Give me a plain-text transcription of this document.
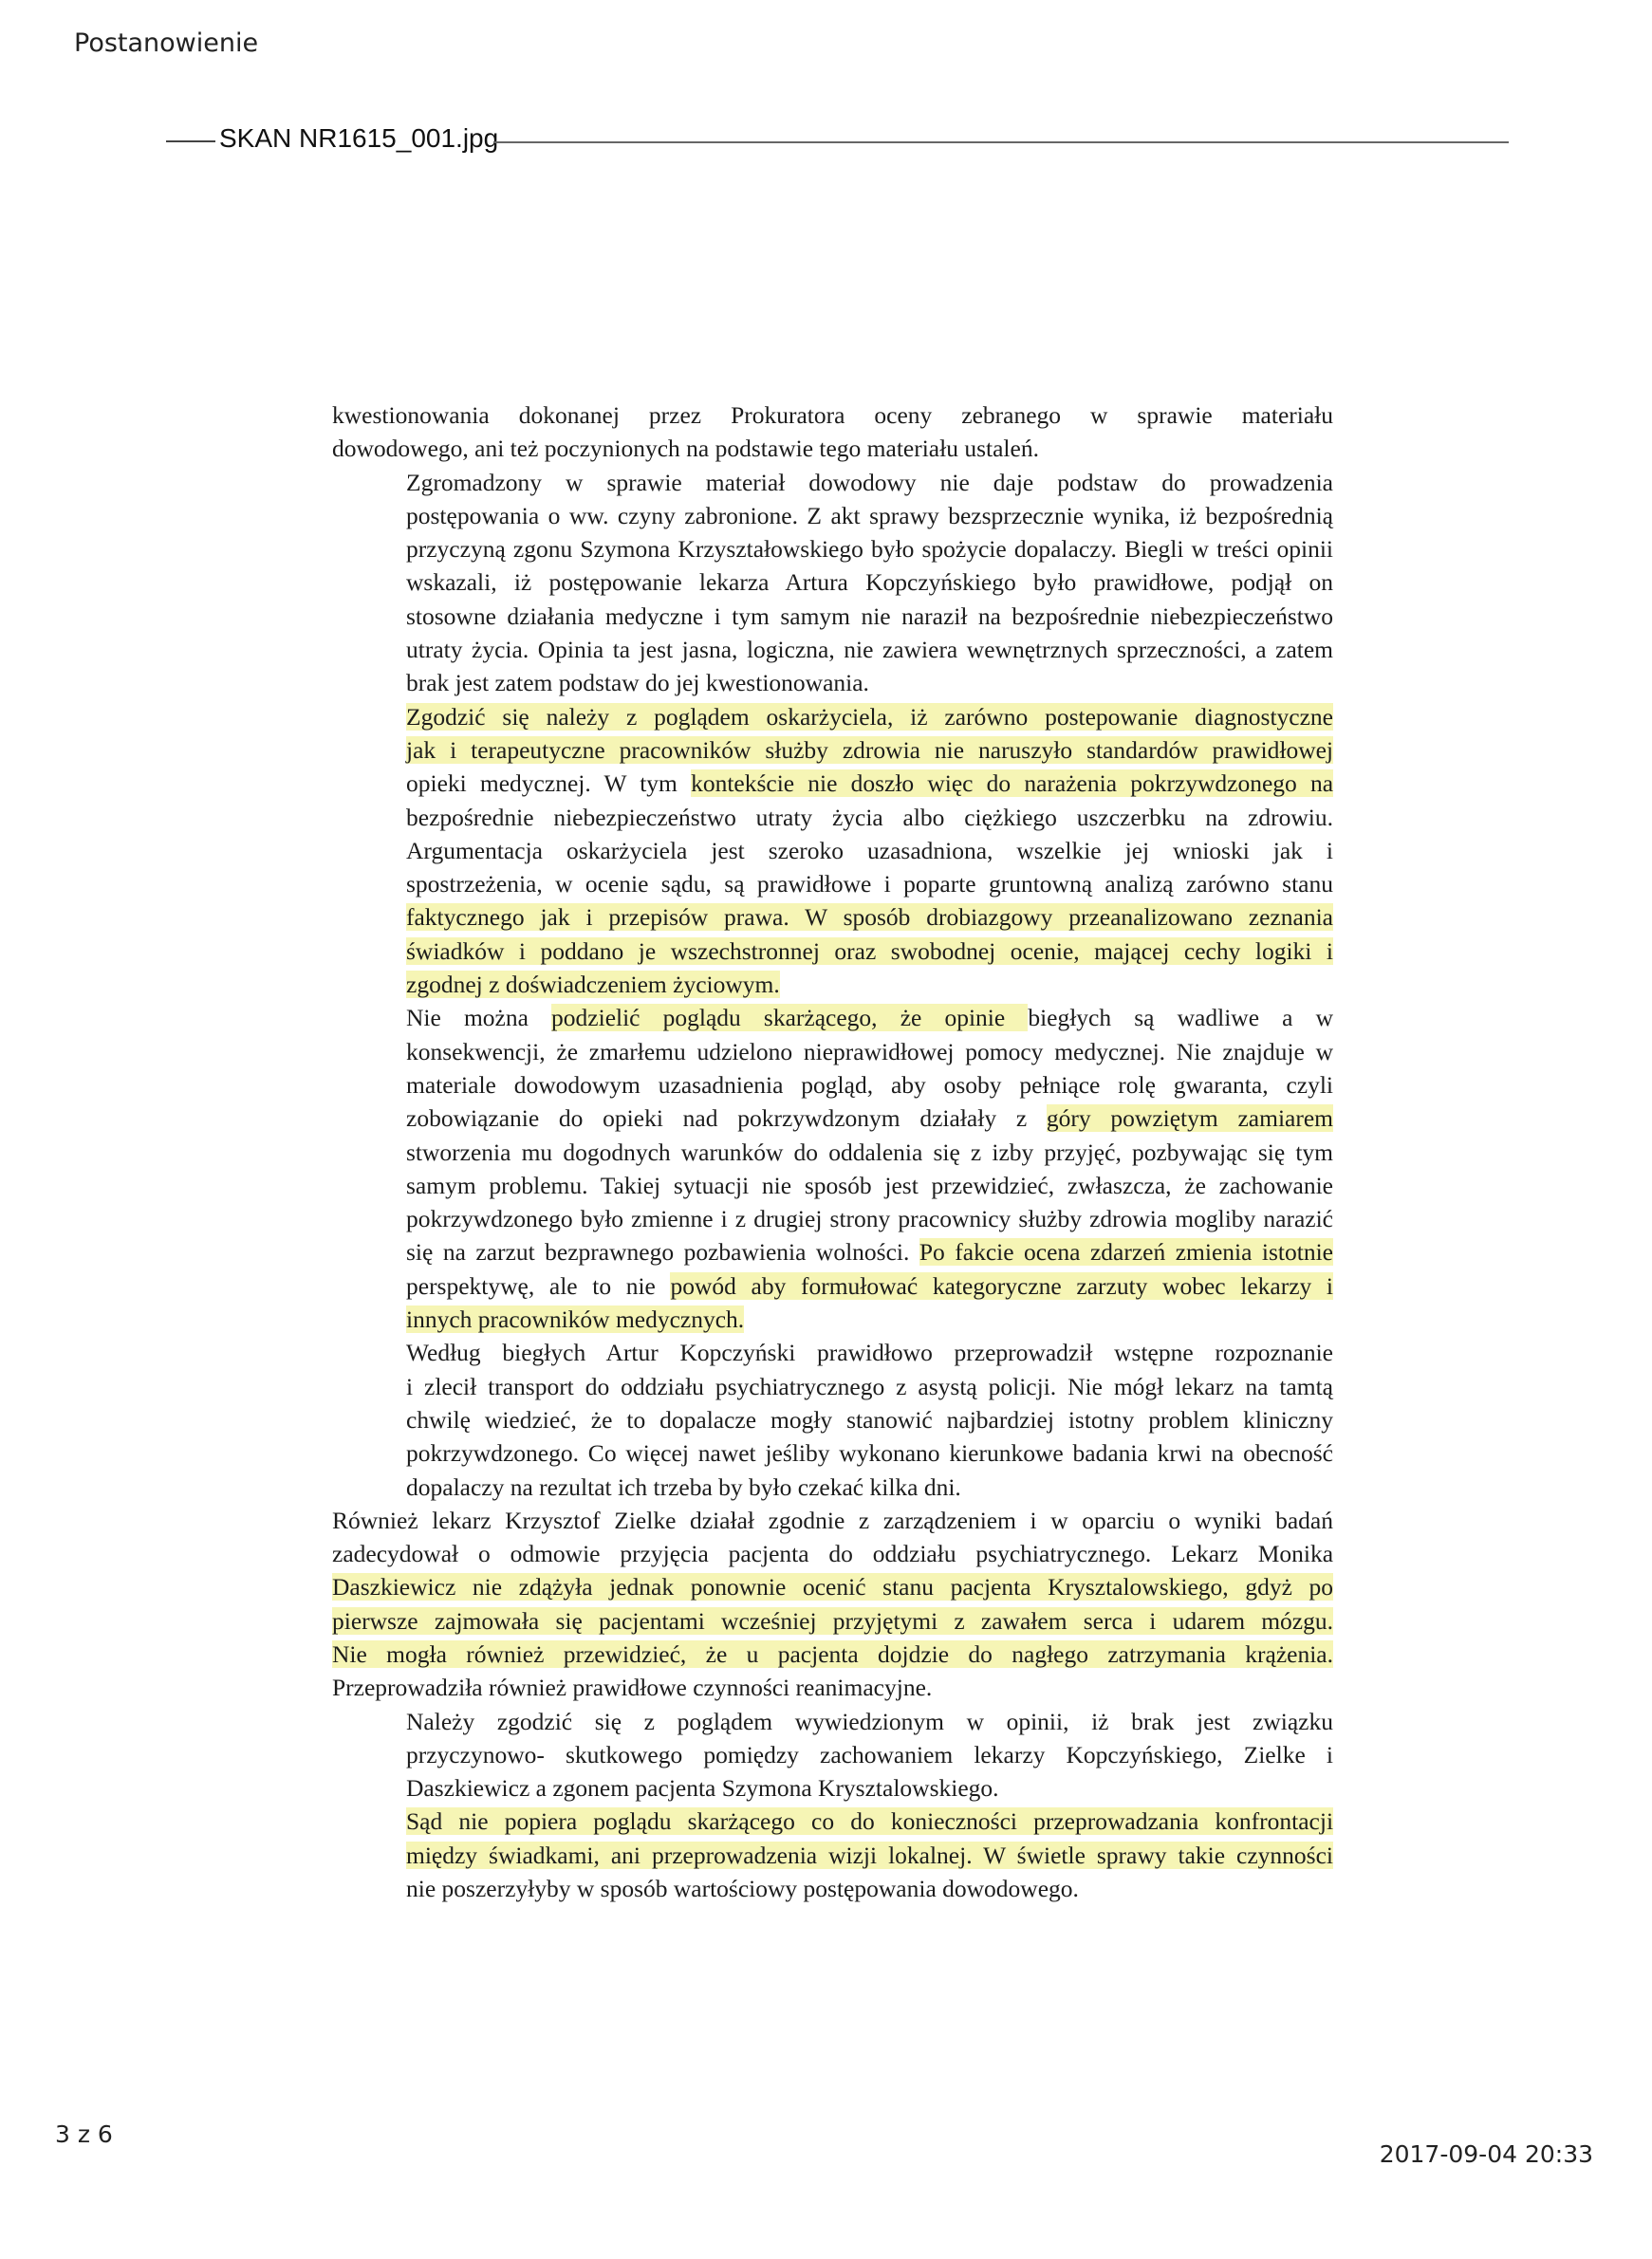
Postanowienie
SKAN NR1615_001.jpg

kwestionowania dokonanej przez Prokuratora oceny zebranego w sprawie materiału
dowodowego, ani też poczynionych na podstawie tego materiału ustaleń.

Zgromadzony w sprawie materiał dowodowy nie daje podstaw do prowadzenia
postępowania o ww. czyny zabronione. Z akt sprawy bezsprzecznie wynika, iż bezpośrednią
przyczyną zgonu Szymona Krzyształowskiego było spożycie dopalaczy. Biegli w treści opinii
wskazali, iż postępowanie lekarza Artura Kopczyńskiego było prawidłowe, podjął on
stosowne działania medyczne i tym samym nie naraził na bezpośrednie niebezpieczeństwo
utraty życia. Opinia ta jest jasna, logiczna, nie zawiera wewnętrznych sprzeczności, a zatem
brak jest zatem podstaw do jej kwestionowania.

Zgodzić się należy z poglądem oskarżyciela, iż zarówno postepowanie diagnostyczne
jak i terapeutyczne pracowników służby zdrowia nie naruszyło standardów prawidłowej
opieki medycznej. W tym kontekście nie doszło więc do narażenia pokrzywdzonego na
bezpośrednie niebezpieczeństwo utraty życia albo ciężkiego uszczerbku na zdrowiu.
Argumentacja oskarżyciela jest szeroko uzasadniona, wszelkie jej wnioski jak i
spostrzeżenia, w ocenie sądu, są prawidłowe i poparte gruntowną analizą zarówno stanu
faktycznego jak i przepisów prawa. W sposób drobiazgowy przeanalizowano zeznania
świadków i poddano je wszechstronnej oraz swobodnej ocenie, mającej cechy logiki i
zgodnej z doświadczeniem życiowym.

Nie można podzielić poglądu skarżącego, że opinie biegłych są wadliwe a w
konsekwencji, że zmarłemu udzielono nieprawidłowej pomocy medycznej. Nie znajduje w
materiale dowodowym uzasadnienia pogląd, aby osoby pełniące rolę gwaranta, czyli
zobowiązanie do opieki nad pokrzywdzonym działały z góry powziętym zamiarem
stworzenia mu dogodnych warunków do oddalenia się z izby przyjęć, pozbywając się tym
samym problemu. Takiej sytuacji nie sposób jest przewidzieć, zwłaszcza, że zachowanie
pokrzywdzonego było zmienne i z drugiej strony pracownicy służby zdrowia mogliby narazić
się na zarzut bezprawnego pozbawienia wolności. Po fakcie ocena zdarzeń zmienia istotnie
perspektywę, ale to nie powód aby formułować kategoryczne zarzuty wobec lekarzy i
innych pracowników medycznych.

Według biegłych Artur Kopczyński prawidłowo przeprowadził wstępne rozpoznanie
i zlecił transport do oddziału psychiatrycznego z asystą policji. Nie mógł lekarz na tamtą
chwilę wiedzieć, że to dopalacze mogły stanowić najbardziej istotny problem kliniczny
pokrzywdzonego. Co więcej nawet jeśliby wykonano kierunkowe badania krwi na obecność
dopalaczy na rezultat ich trzeba by było czekać kilka dni.

Również lekarz Krzysztof Zielke działał zgodnie z zarządzeniem i w oparciu o wyniki badań
zadecydował o odmowie przyjęcia pacjenta do oddziału psychiatrycznego. Lekarz Monika
Daszkiewicz nie zdążyła jednak ponownie ocenić stanu pacjenta Krysztalowskiego, gdyż po
pierwsze zajmowała się pacjentami wcześniej przyjętymi z zawałem serca i udarem mózgu.
Nie mogła również przewidzieć, że u pacjenta dojdzie do nagłego zatrzymania krążenia.
Przeprowadziła również prawidłowe czynności reanimacyjne.

Należy zgodzić się z poglądem wywiedzionym w opinii, iż brak jest związku
przyczynowo- skutkowego pomiędzy zachowaniem lekarzy Kopczyńskiego, Zielke i
Daszkiewicz a zgonem pacjenta Szymona Krysztalowskiego.

Sąd nie popiera poglądu skarżącego co do konieczności przeprowadzania konfrontacji
między świadkami, ani przeprowadzenia wizji lokalnej. W świetle sprawy takie czynności
nie poszerzyłyby w sposób wartościowy postępowania dowodowego.

3 z 6
2017-09-04 20:33
